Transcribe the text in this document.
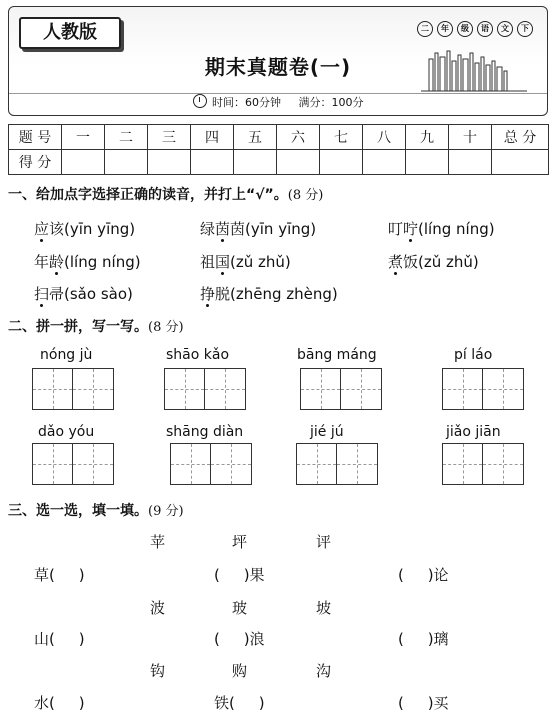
人教版	二	年	级	语	文	下
期末真题卷(一)
时间：60分钟 满分：100分
题 号	一	二	三	四	五	六	七	八	九	十	总 分
得 分											
一、给加点字选择正确的读音，并打上“√”。(8 分)
应该(yīn yīng)	绿茵茵(yīn yīng)	叮咛(líng níng)
年龄(líng níng)	祖国(zǔ zhǔ)	煮饭(zǔ zhǔ)
扫帚(sǎo sào)	挣脱(zhēng zhèng)
二、拼一拼，写一写。(8 分)
nóng jù	shāo kǎo	bāng máng	pí láo
dǎo yóu	shāng diàn	jié jú	jiǎo jiān
三、选一选，填一填。(9 分)
苹	坪	评
草(     )	(     )果	(     )论
波	玻	坡
山(     )	(     )浪	(     )璃
钩	购	沟
水(     )	铁(     )	(     )买
